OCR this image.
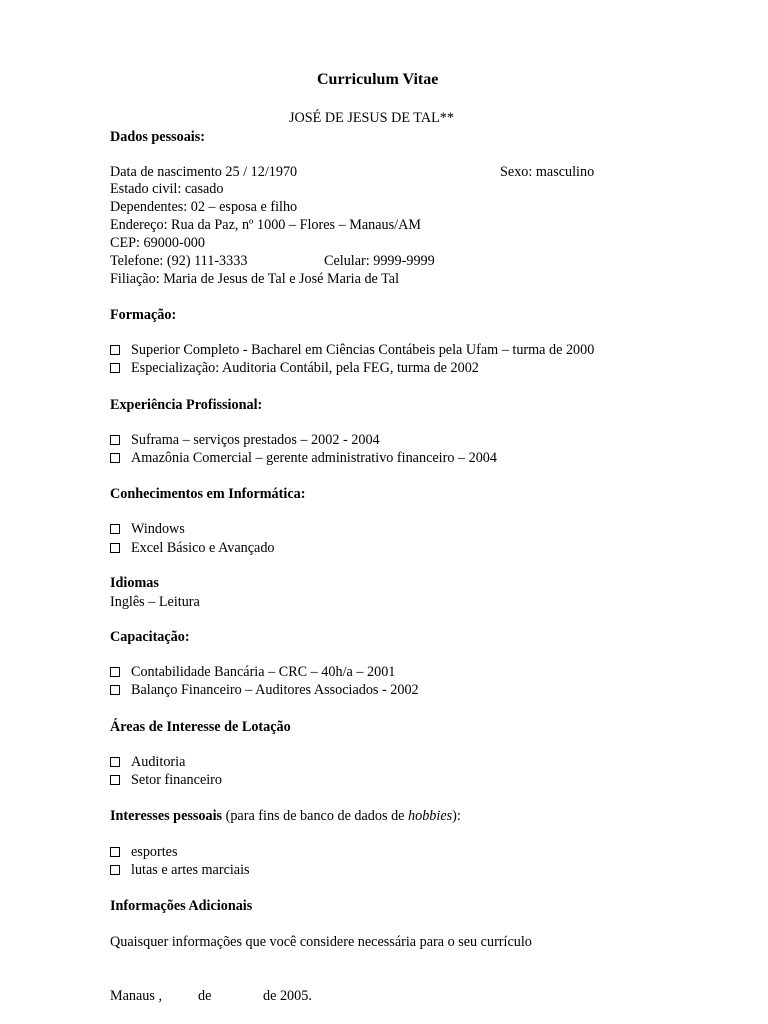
Curriculum Vitae
JOSÉ DE JESUS DE TAL**
Dados pessoais:
Data de nascimento 25 / 12/1970	Sexo: masculino
Estado civil: casado
Dependentes: 02 – esposa e filho
Endereço: Rua da Paz, nº 1000 – Flores – Manaus/AM
CEP: 69000-000
Telefone: (92) 111-3333	Celular: 9999-9999
Filiação: Maria de Jesus de Tal e José Maria de Tal
Formação:
Superior Completo - Bacharel em Ciências Contábeis pela Ufam – turma de 2000
Especialização: Auditoria Contábil, pela FEG, turma de 2002
Experiência Profissional:
Suframa – serviços prestados – 2002 - 2004
Amazônia Comercial – gerente administrativo financeiro – 2004
Conhecimentos em Informática:
Windows
Excel Básico e Avançado
Idiomas
Inglês – Leitura
Capacitação:
Contabilidade Bancária – CRC – 40h/a – 2001
Balanço Financeiro – Auditores Associados - 2002
Áreas de Interesse de Lotação
Auditoria
Setor financeiro
Interesses pessoais (para fins de banco de dados de hobbies):
esportes
lutas e artes marciais
Informações Adicionais
Quaisquer informações que você considere necessária para o seu currículo
Manaus ,	de	de 2005.
